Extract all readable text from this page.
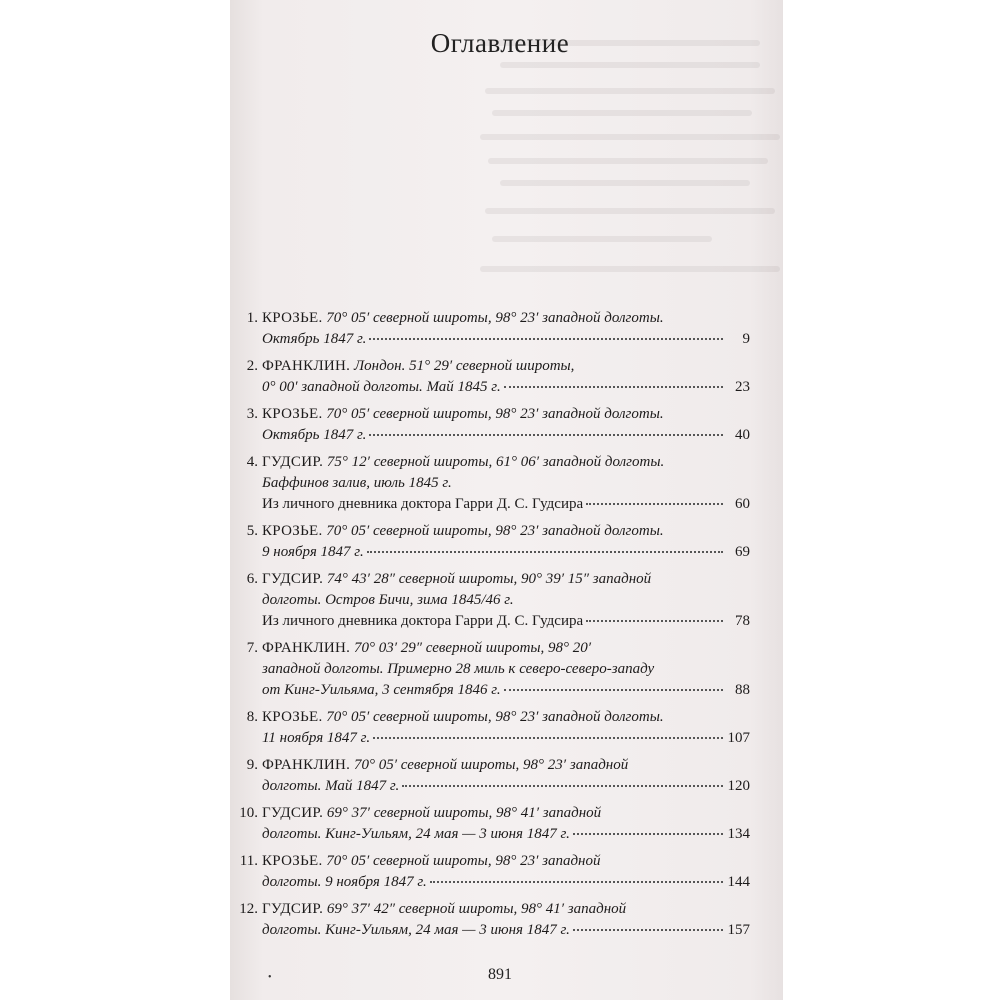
Оглавление
1. КРОЗЬЕ. 70° 05′ северной широты, 98° 23′ западной долготы.
Октябрь 1847 г.	9
2. ФРАНКЛИН. Лондон. 51° 29′ северной широты,
0° 00′ западной долготы. Май 1845 г.	23
3. КРОЗЬЕ. 70° 05′ северной широты, 98° 23′ западной долготы.
Октябрь 1847 г.	40
4. ГУДСИР. 75° 12′ северной широты, 61° 06′ западной долготы.
Баффинов залив, июль 1845 г.
Из личного дневника доктора Гарри Д. С. Гудсира	60
5. КРОЗЬЕ. 70° 05′ северной широты, 98° 23′ западной долготы.
9 ноября 1847 г.	69
6. ГУДСИР. 74° 43′ 28″ северной широты, 90° 39′ 15″ западной
долготы. Остров Бичи, зима 1845/46 г.
Из личного дневника доктора Гарри Д. С. Гудсира	78
7. ФРАНКЛИН. 70° 03′ 29″ северной широты, 98° 20′
западной долготы. Примерно 28 миль к северо-северо-западу
от Кинг-Уильяма, 3 сентября 1846 г.	88
8. КРОЗЬЕ. 70° 05′ северной широты, 98° 23′ западной долготы.
11 ноября 1847 г.	107
9. ФРАНКЛИН. 70° 05′ северной широты, 98° 23′ западной
долготы. Май 1847 г.	120
10. ГУДСИР. 69° 37′ северной широты, 98° 41′ западной
долготы. Кинг-Уильям, 24 мая — 3 июня 1847 г.	134
11. КРОЗЬЕ. 70° 05′ северной широты, 98° 23′ западной
долготы. 9 ноября 1847 г.	144
12. ГУДСИР. 69° 37′ 42″ северной широты, 98° 41′ западной
долготы. Кинг-Уильям, 24 мая — 3 июня 1847 г.	157
•	891
